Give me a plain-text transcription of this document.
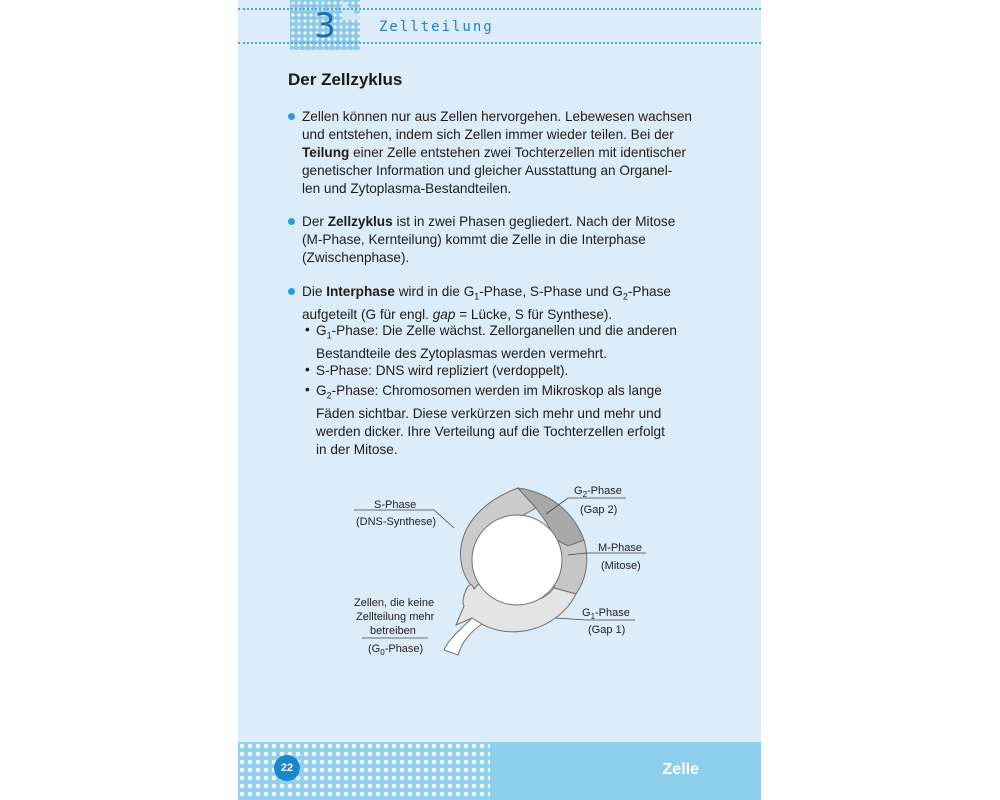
3	Zellteilung
Der Zellzyklus
Zellen können nur aus Zellen hervorgehen. Lebewesen wachsen
und entstehen, indem sich Zellen immer wieder teilen. Bei der
Teilung einer Zelle entstehen zwei Tochterzellen mit identischer
genetischer Information und gleicher Ausstattung an Organel-
len und Zytoplasma-Bestandteilen.
Der Zellzyklus ist in zwei Phasen gegliedert. Nach der Mitose
(M-Phase, Kernteilung) kommt die Zelle in die Interphase
(Zwischenphase).
Die Interphase wird in die $G_1$-Phase, S-Phase und $G_2$-Phase
aufgeteilt (G für engl. gap = Lücke, S für Synthese).
• $G_1$-Phase: Die Zelle wächst. Zellorganellen und die anderen
Bestandteile des Zytoplasmas werden vermehrt.
• S-Phase: DNS wird repliziert (verdoppelt).
• $G_2$-Phase: Chromosomen werden im Mikroskop als lange
Fäden sichtbar. Diese verkürzen sich mehr und mehr und
werden dicker. Ihre Verteilung auf die Tochterzellen erfolgt
in der Mitose.
S-Phase
(DNS-Synthese)
$G_2$-Phase
(Gap 2)
M-Phase
(Mitose)
$G_1$-Phase
(Gap 1)
Zellen, die keine
Zellteilung mehr
betreiben
$(G_0-Phase)$
22	Zelle
